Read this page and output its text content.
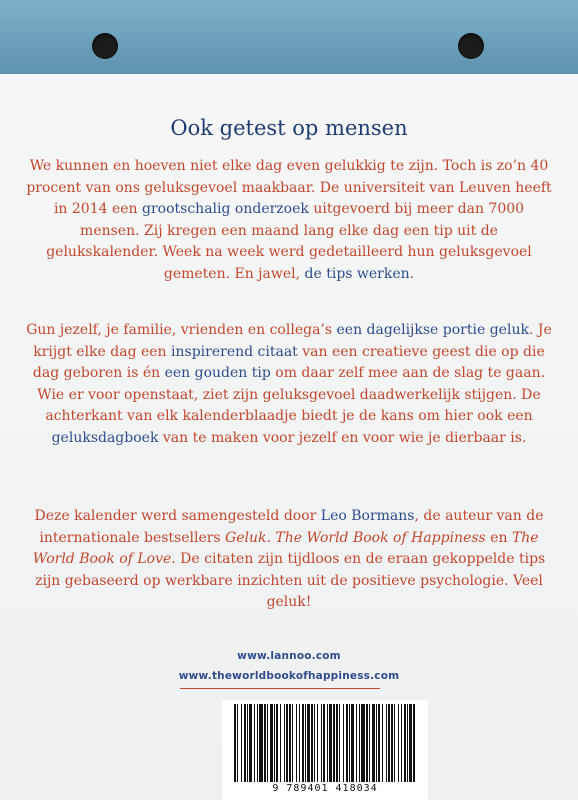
Ook getest op mensen

We kunnen en hoeven niet elke dag even gelukkig te zijn. Toch is zo’n 40 procent van ons geluksgevoel maakbaar. De universiteit van Leuven heeft in 2014 een grootschalig onderzoek uitgevoerd bij meer dan 7000 mensen. Zij kregen een maand lang elke dag een tip uit de gelukskalender. Week na week werd gedetailleerd hun geluksgevoel gemeten. En jawel, de tips werken.

Gun jezelf, je familie, vrienden en collega’s een dagelijkse portie geluk. Je krijgt elke dag een inspirerend citaat van een creatieve geest die op die dag geboren is én een gouden tip om daar zelf mee aan de slag te gaan. Wie er voor openstaat, ziet zijn geluksgevoel daadwerkelijk stijgen. De achterkant van elk kalenderblaadje biedt je de kans om hier ook een geluksdagboek van te maken voor jezelf en voor wie je dierbaar is.

Deze kalender werd samengesteld door Leo Bormans, de auteur van de internationale bestsellers Geluk. The World Book of Happiness en The World Book of Love. De citaten zijn tijdloos en de eraan gekoppelde tips zijn gebaseerd op werkbare inzichten uit de positieve psychologie. Veel geluk!

www.lannoo.com
www.theworldbookofhappiness.com
9 789401 418034
